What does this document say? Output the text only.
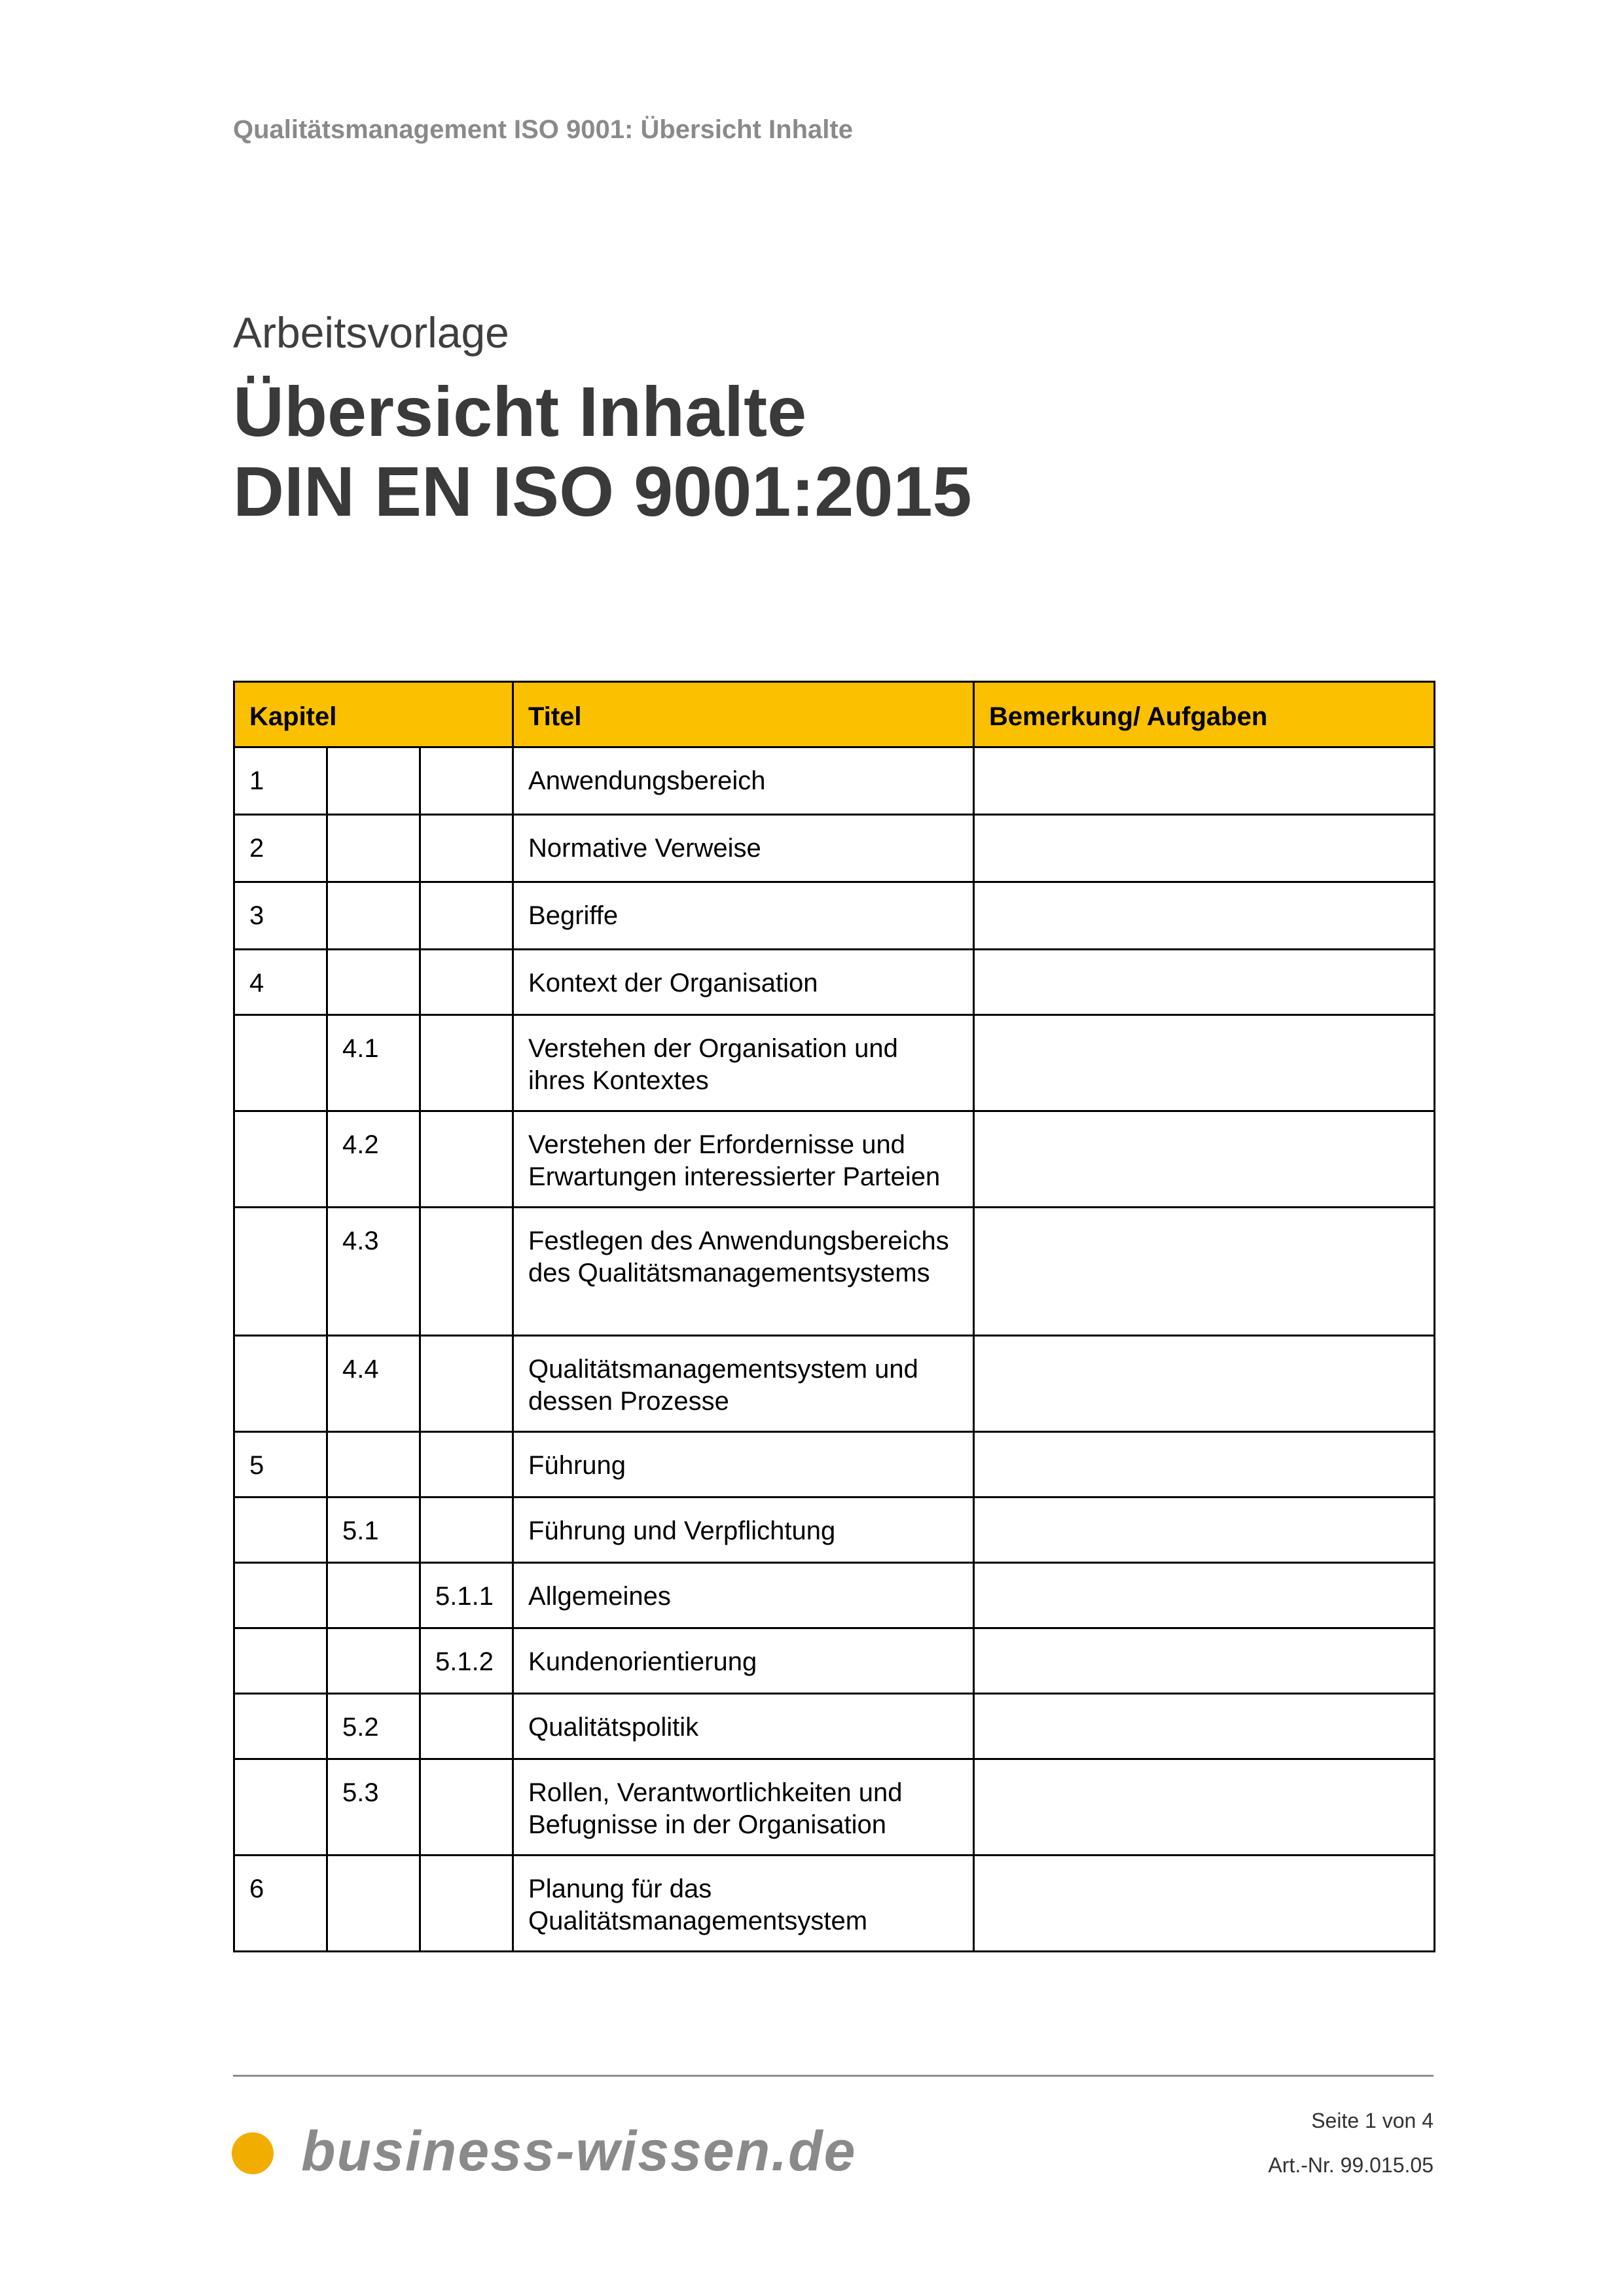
Qualitätsmanagement ISO 9001: Übersicht Inhalte
Arbeitsvorlage
Übersicht Inhalte
DIN EN ISO 9001:2015
Kapitel			Titel	Bemerkung/ Aufgaben
1			Anwendungsbereich	
2			Normative Verweise	
3			Begriffe	
4			Kontext der Organisation	
	4.1		Verstehen der Organisation und ihres Kontextes	
	4.2		Verstehen der Erfordernisse und Erwartungen interessierter Parteien	
	4.3		Festlegen des Anwendungsbereichs des Qualitätsmanagementsystems	
	4.4		Qualitätsmanagementsystem und dessen Prozesse	
5			Führung	
	5.1		Führung und Verpflichtung	
		5.1.1	Allgemeines	
		5.1.2	Kundenorientierung	
	5.2		Qualitätspolitik	
	5.3		Rollen, Verantwortlichkeiten und Befugnisse in der Organisation	
6			Planung für das Qualitätsmanagementsystem	
business-wissen.de	Seite 1 von 4
Art.-Nr. 99.015.05
